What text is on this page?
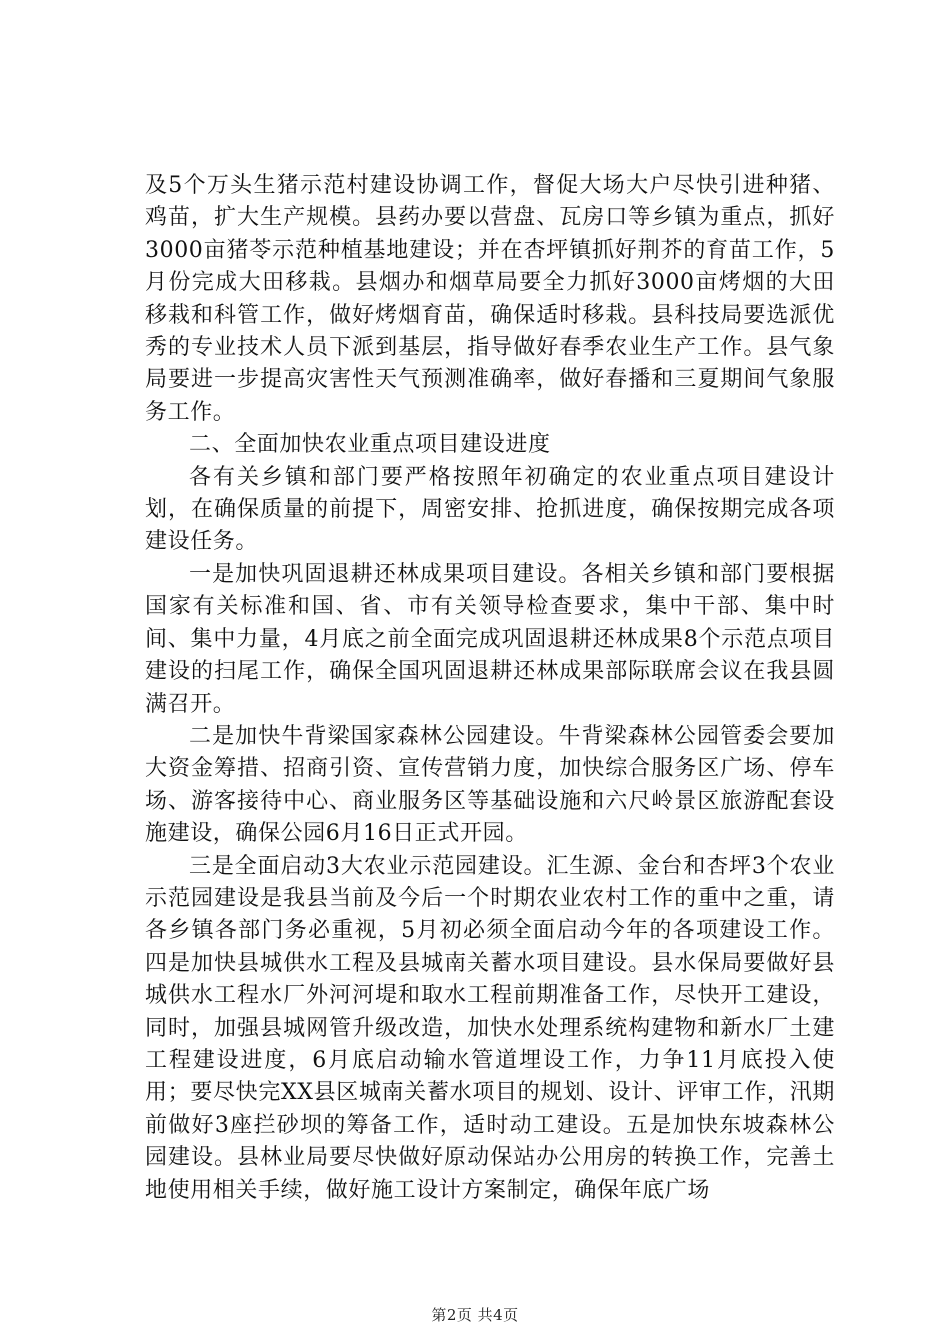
及5个万头生猪示范村建设协调工作，督促大场大户尽快引进种猪、鸡苗，扩大生产规模。县药办要以营盘、瓦房口等乡镇为重点，抓好3000亩猪苓示范种植基地建设；并在杏坪镇抓好荆芥的育苗工作，5月份完成大田移栽。县烟办和烟草局要全力抓好3000亩烤烟的大田移栽和科管工作，做好烤烟育苗，确保适时移栽。县科技局要选派优秀的专业技术人员下派到基层，指导做好春季农业生产工作。县气象局要进一步提高灾害性天气预测准确率，做好春播和三夏期间气象服务工作。

二、全面加快农业重点项目建设进度

各有关乡镇和部门要严格按照年初确定的农业重点项目建设计划，在确保质量的前提下，周密安排、抢抓进度，确保按期完成各项建设任务。

一是加快巩固退耕还林成果项目建设。各相关乡镇和部门要根据国家有关标准和国、省、市有关领导检查要求，集中干部、集中时间、集中力量，4月底之前全面完成巩固退耕还林成果8个示范点项目建设的扫尾工作，确保全国巩固退耕还林成果部际联席会议在我县圆满召开。

二是加快牛背梁国家森林公园建设。牛背梁森林公园管委会要加大资金筹措、招商引资、宣传营销力度，加快综合服务区广场、停车场、游客接待中心、商业服务区等基础设施和六尺岭景区旅游配套设施建设，确保公园6月16日正式开园。

三是全面启动3大农业示范园建设。汇生源、金台和杏坪3个农业示范园建设是我县当前及今后一个时期农业农村工作的重中之重，请各乡镇各部门务必重视，5月初必须全面启动今年的各项建设工作。四是加快县城供水工程及县城南关蓄水项目建设。县水保局要做好县城供水工程水厂外河河堤和取水工程前期准备工作，尽快开工建设，同时，加强县城网管升级改造，加快水处理系统构建物和新水厂土建工程建设进度，6月底启动输水管道埋设工作，力争11月底投入使用；要尽快完XX县区城南关蓄水项目的规划、设计、评审工作，汛期前做好3座拦砂坝的筹备工作，适时动工建设。五是加快东坡森林公园建设。县林业局要尽快做好原动保站办公用房的转换工作，完善土地使用相关手续，做好施工设计方案制定，确保年底广场

第2页 共4页
